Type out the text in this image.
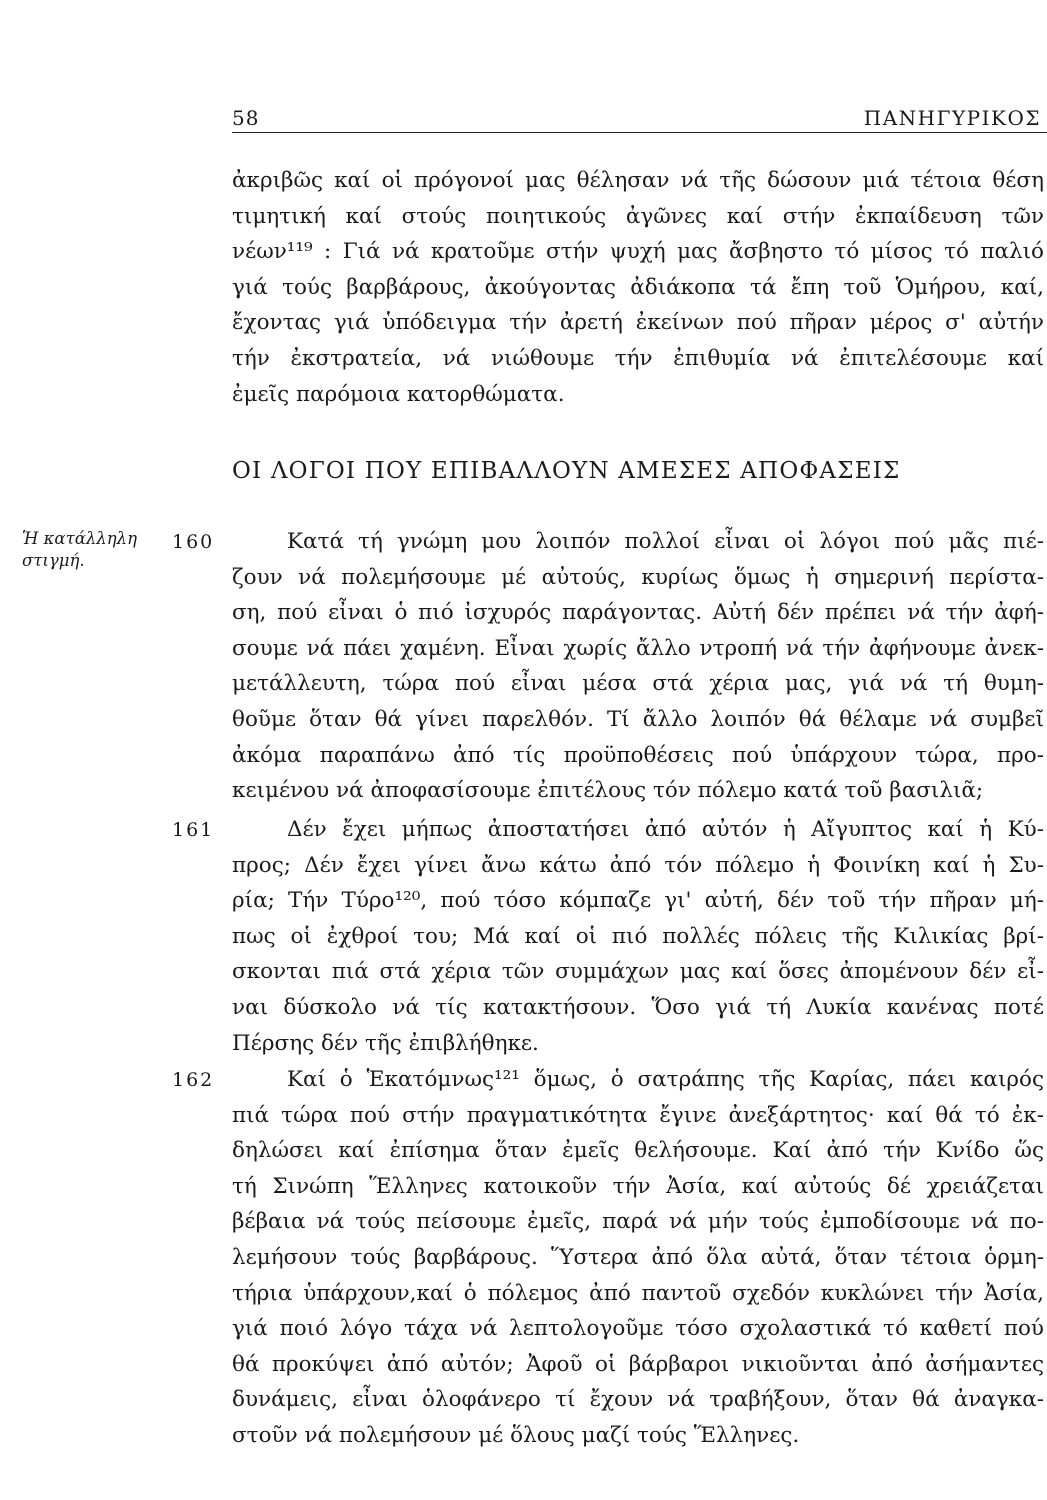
58	ΠΑΝΗΓΥΡΙΚΟΣ
ἀκριβῶς καί οἱ πρόγονοί μας θέλησαν νά τῆς δώσουν μιά τέτοια θέση
τιμητική καί στούς ποιητικούς ἀγῶνες καί στήν ἐκπαίδευση τῶν
νέων¹¹⁹ : Γιά νά κρατοῦμε στήν ψυχή μας ἄσβηστο τό μίσος τό παλιό
γιά τούς βαρβάρους, ἀκούγοντας ἀδιάκοπα τά ἔπη τοῦ Ὁμήρου, καί,
ἔχοντας γιά ὑπόδειγμα τήν ἀρετή ἐκείνων πού πῆραν μέρος σ' αὐτήν
τήν ἐκστρατεία, νά νιώθουμε τήν ἐπιθυμία νά ἐπιτελέσουμε καί
ἐμεῖς παρόμοια κατορθώματα.
ΟΙ ΛΟΓΟΙ ΠΟΥ ΕΠΙΒΑΛΛΟΥΝ ΑΜΕΣΕΣ ΑΠΟΦΑΣΕΙΣ
Ἡ κατάλληλη στιγμή.
160	Κατά τή γνώμη μου λοιπόν πολλοί εἶναι οἱ λόγοι πού μᾶς πιέ-
ζουν νά πολεμήσουμε μέ αὐτούς, κυρίως ὅμως ἡ σημερινή περίστα-
ση, πού εἶναι ὁ πιό ἰσχυρός παράγοντας. Αὐτή δέν πρέπει νά τήν ἀφή-
σουμε νά πάει χαμένη. Εἶναι χωρίς ἄλλο ντροπή νά τήν ἀφήνουμε ἀνεκ-
μετάλλευτη, τώρα πού εἶναι μέσα στά χέρια μας, γιά νά τή θυμη-
θοῦμε ὅταν θά γίνει παρελθόν. Τί ἄλλο λοιπόν θά θέλαμε νά συμβεῖ
ἀκόμα παραπάνω ἀπό τίς προϋποθέσεις πού ὑπάρχουν τώρα, προ-
κειμένου νά ἀποφασίσουμε ἐπιτέλους τόν πόλεμο κατά τοῦ βασιλιᾶ;
161	Δέν ἔχει μήπως ἀποστατήσει ἀπό αὐτόν ἡ Αἴγυπτος καί ἡ Κύ-
προς; Δέν ἔχει γίνει ἄνω κάτω ἀπό τόν πόλεμο ἡ Φοινίκη καί ἡ Συ-
ρία; Τήν Τύρο¹²⁰, πού τόσο κόμπαζε γι' αὐτή, δέν τοῦ τήν πῆραν μή-
πως οἱ ἐχθροί του; Μά καί οἱ πιό πολλές πόλεις τῆς Κιλικίας βρί-
σκονται πιά στά χέρια τῶν συμμάχων μας καί ὅσες ἀπομένουν δέν εἶ-
ναι δύσκολο νά τίς κατακτήσουν. Ὅσο γιά τή Λυκία κανένας ποτέ
Πέρσης δέν τῆς ἐπιβλήθηκε.
162	Καί ὁ Ἑκατόμνως¹²¹ ὅμως, ὁ σατράπης τῆς Καρίας, πάει καιρός
πιά τώρα πού στήν πραγματικότητα ἔγινε ἀνεξάρτητος· καί θά τό ἐκ-
δηλώσει καί ἐπίσημα ὅταν ἐμεῖς θελήσουμε. Καί ἀπό τήν Κνίδο ὥς
τή Σινώπη Ἕλληνες κατοικοῦν τήν Ἀσία, καί αὐτούς δέ χρειάζεται
βέβαια νά τούς πείσουμε ἐμεῖς, παρά νά μήν τούς ἐμποδίσουμε νά πο-
λεμήσουν τούς βαρβάρους. Ὕστερα ἀπό ὅλα αὐτά, ὅταν τέτοια ὁρμη-
τήρια ὑπάρχουν,καί ὁ πόλεμος ἀπό παντοῦ σχεδόν κυκλώνει τήν Ἀσία,
γιά ποιό λόγο τάχα νά λεπτολογοῦμε τόσο σχολαστικά τό καθετί πού
θά προκύψει ἀπό αὐτόν; Ἀφοῦ οἱ βάρβαροι νικιοῦνται ἀπό ἀσήμαντες
δυνάμεις, εἶναι ὁλοφάνερο τί ἔχουν νά τραβήξουν, ὅταν θά ἀναγκα-
στοῦν νά πολεμήσουν μέ ὅλους μαζί τούς Ἕλληνες.
